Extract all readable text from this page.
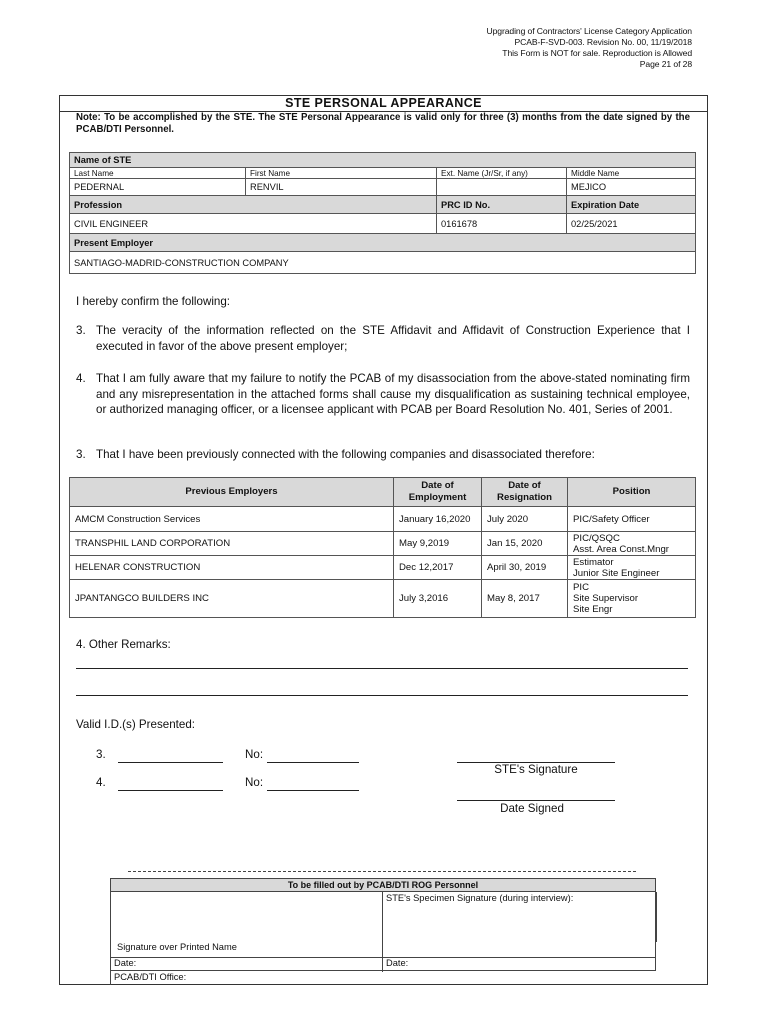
Upgrading of Contractors' License Category Application
PCAB-F-SVD-003. Revision No. 00, 11/19/2018
This Form is NOT for sale. Reproduction is Allowed
Page 21 of 28
STE PERSONAL APPEARANCE
Note: To be accomplished by the STE. The STE Personal Appearance is valid only for three (3) months from the date signed by the PCAB/DTI Personnel.
Name of STE			
Last Name	First Name	Ext. Name (Jr/Sr, if any)	Middle Name
PEDERNAL	RENVIL		MEJICO
Profession		PRC ID No.	Expiration Date
CIVIL ENGINEER		0161678	02/25/2021
Present Employer			
SANTIAGO-MADRID-CONSTRUCTION COMPANY			
I hereby confirm the following:
3. The veracity of the information reflected on the STE Affidavit and Affidavit of Construction Experience that I executed in favor of the above present employer;
4. That I am fully aware that my failure to notify the PCAB of my disassociation from the above-stated nominating firm and any misrepresentation in the attached forms shall cause my disqualification as sustaining technical employee, or authorized managing officer, or a licensee applicant with PCAB per Board Resolution No. 401, Series of 2001.
3. That I have been previously connected with the following companies and disassociated therefore:
Previous Employers	Date of Employment	Date of Resignation	Position
AMCM Construction Services	January 16,2020	July 2020	PIC/Safety Officer
TRANSPHIL LAND CORPORATION	May 9,2019	Jan 15, 2020	PIC/QSQC
Asst. Area Const.Mngr
HELENAR CONSTRUCTION	Dec 12,2017	April 30, 2019	Estimator
Junior Site Engineer
JPANTANGCO BUILDERS INC	July 3,2016	May 8, 2017	PIC
Site Supervisor
Site Engr
4. Other Remarks:
Valid I.D.(s) Presented:
3.	No:
4.	No:
STE's Signature
Date Signed
To be filled out by PCAB/DTI ROG Personnel
STE's Specimen Signature (during interview):
Signature over Printed Name
Date:	Date:
PCAB/DTI Office:
